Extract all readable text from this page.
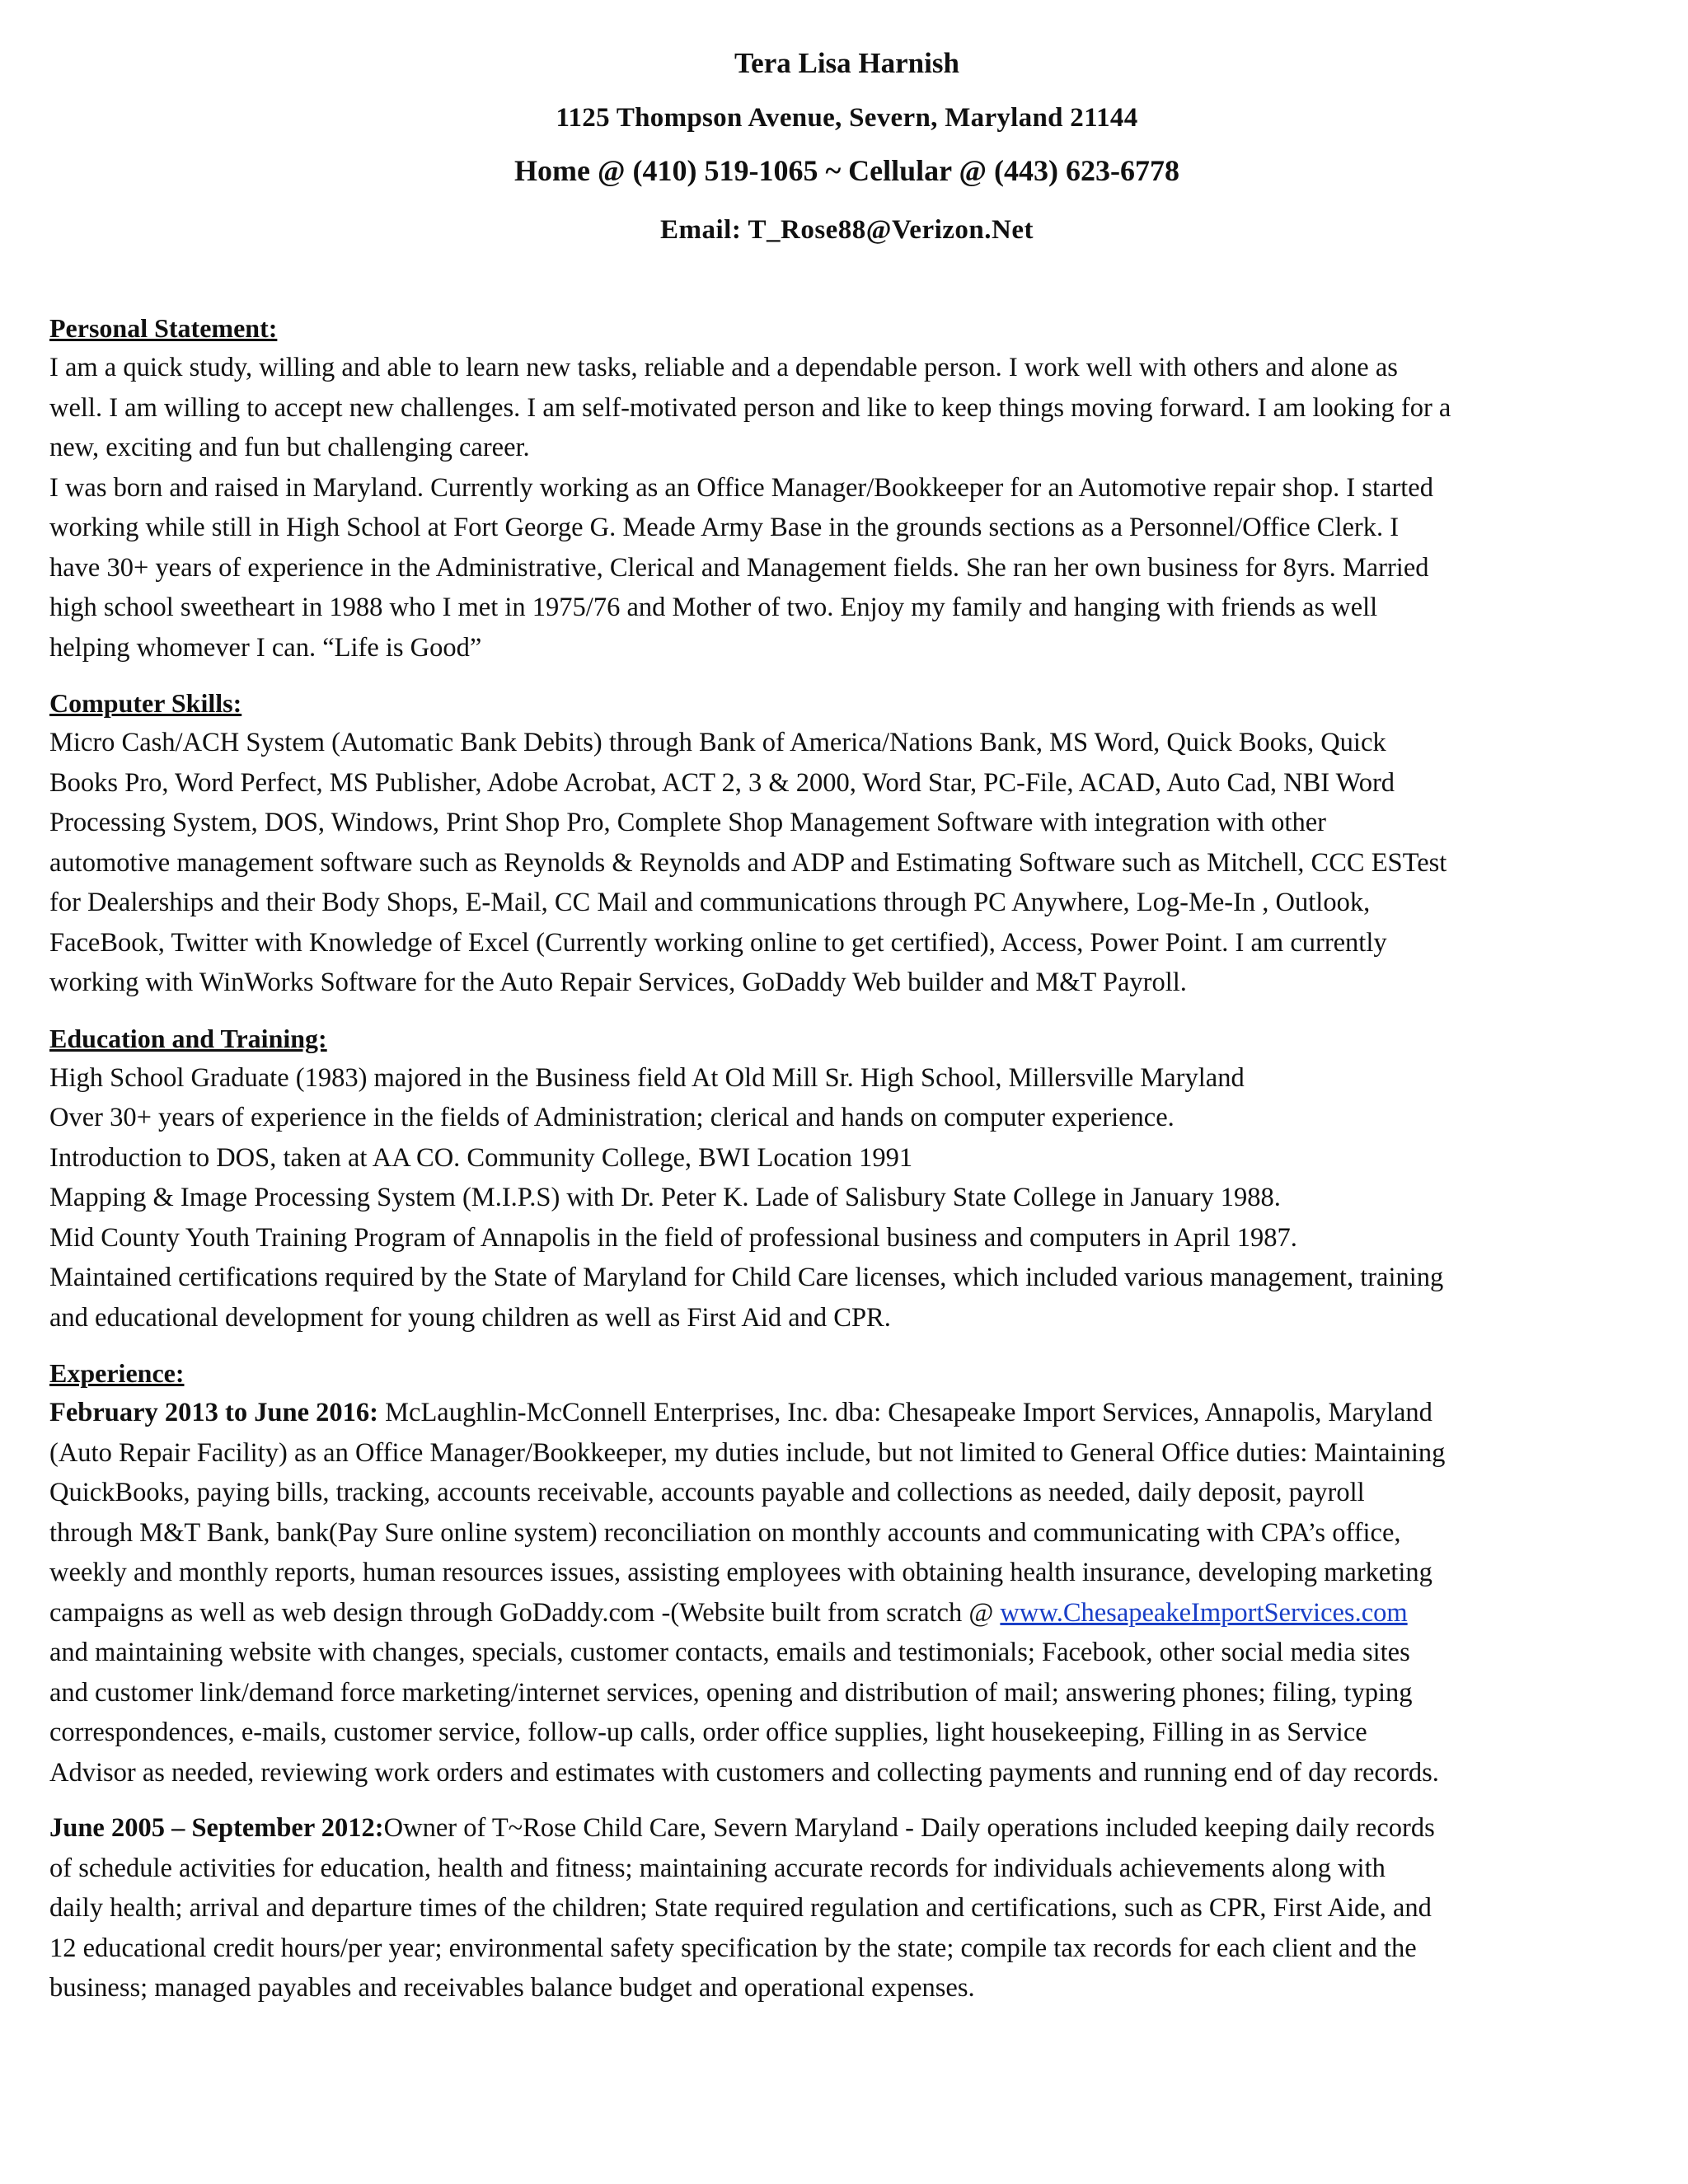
Tera Lisa Harnish
1125 Thompson Avenue, Severn, Maryland 21144
Home @ (410) 519-1065 ~ Cellular @ (443) 623-6778
Email: T_Rose88@Verizon.Net
Personal Statement:
I am a quick study, willing and able to learn new tasks, reliable and a dependable person. I work well with others and alone as
well. I am willing to accept new challenges. I am self-motivated person and like to keep things moving forward. I am looking for a
new, exciting and fun but challenging career.
I was born and raised in Maryland. Currently working as an Office Manager/Bookkeeper for an Automotive repair shop. I started
working while still in High School at Fort George G. Meade Army Base in the grounds sections as a Personnel/Office Clerk. I
have 30+ years of experience in the Administrative, Clerical and Management fields. She ran her own business for 8yrs. Married
high school sweetheart in 1988 who I met in 1975/76 and Mother of two. Enjoy my family and hanging with friends as well
helping whomever I can. “Life is Good”
Computer Skills:
Micro Cash/ACH System (Automatic Bank Debits) through Bank of America/Nations Bank, MS Word, Quick Books, Quick
Books Pro, Word Perfect, MS Publisher, Adobe Acrobat, ACT 2, 3 & 2000, Word Star, PC-File, ACAD, Auto Cad, NBI Word
Processing System, DOS, Windows, Print Shop Pro, Complete Shop Management Software with integration with other
automotive management software such as Reynolds & Reynolds and ADP and Estimating Software such as Mitchell, CCC ESTest
for Dealerships and their Body Shops, E-Mail, CC Mail and communications through PC Anywhere, Log-Me-In , Outlook,
FaceBook, Twitter with Knowledge of Excel (Currently working online to get certified), Access, Power Point. I am currently
working with WinWorks Software for the Auto Repair Services, GoDaddy Web builder and M&T Payroll.
Education and Training:
High School Graduate (1983) majored in the Business field At Old Mill Sr. High School, Millersville Maryland
Over 30+ years of experience in the fields of Administration; clerical and hands on computer experience.
Introduction to DOS, taken at AA CO. Community College, BWI Location 1991
Mapping & Image Processing System (M.I.P.S) with Dr. Peter K. Lade of Salisbury State College in January 1988.
Mid County Youth Training Program of Annapolis in the field of professional business and computers in April 1987.
Maintained certifications required by the State of Maryland for Child Care licenses, which included various management, training
and educational development for young children as well as First Aid and CPR.
Experience:
February 2013 to June 2016: McLaughlin-McConnell Enterprises, Inc. dba: Chesapeake Import Services, Annapolis, Maryland
(Auto Repair Facility) as an Office Manager/Bookkeeper, my duties include, but not limited to General Office duties: Maintaining
QuickBooks, paying bills, tracking, accounts receivable, accounts payable and collections as needed, daily deposit, payroll
through M&T Bank, bank(Pay Sure online system) reconciliation on monthly accounts and communicating with CPA’s office,
weekly and monthly reports, human resources issues, assisting employees with obtaining health insurance, developing marketing
campaigns as well as web design through GoDaddy.com -(Website built from scratch @ www.ChesapeakeImportServices.com
and maintaining website with changes, specials, customer contacts, emails and testimonials; Facebook, other social media sites
and customer link/demand force marketing/internet services, opening and distribution of mail; answering phones; filing, typing
correspondences, e-mails, customer service, follow-up calls, order office supplies, light housekeeping, Filling in as Service
Advisor as needed, reviewing work orders and estimates with customers and collecting payments and running end of day records.
June 2005 – September 2012:Owner of T~Rose Child Care, Severn Maryland - Daily operations included keeping daily records
of schedule activities for education, health and fitness; maintaining accurate records for individuals achievements along with
daily health; arrival and departure times of the children; State required regulation and certifications, such as CPR, First Aide, and
12 educational credit hours/per year; environmental safety specification by the state; compile tax records for each client and the
business; managed payables and receivables balance budget and operational expenses.
